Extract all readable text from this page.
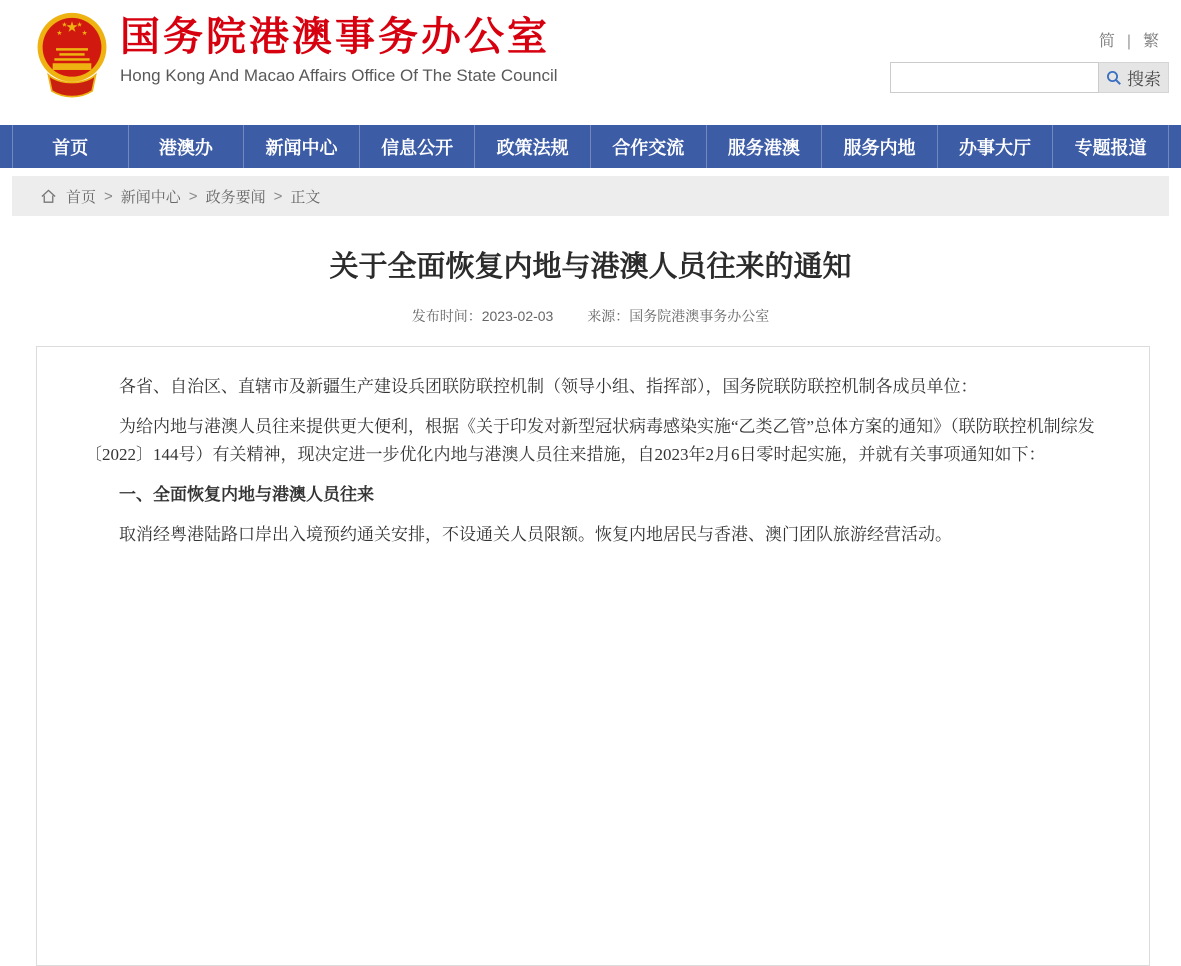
国务院港澳事务办公室
Hong Kong And Macao Affairs Office Of The State Council
简 | 繁
搜索
首页	港澳办	新闻中心	信息公开	政策法规	合作交流	服务港澳	服务内地	办事大厅	专题报道
首页 > 新闻中心 > 政务要闻 > 正文
关于全面恢复内地与港澳人员往来的通知
发布时间：2023-02-03 来源：国务院港澳事务办公室

各省、自治区、直辖市及新疆生产建设兵团联防联控机制（领导小组、指挥部），国务院联防联控机制各成员单位：

为给内地与港澳人员往来提供更大便利，根据《关于印发对新型冠状病毒感染实施“乙类乙管”总体方案的通知》（联防联控机制综发〔2022〕144号）有关精神，现决定进一步优化内地与港澳人员往来措施，自2023年2月6日零时起实施，并就有关事项通知如下：

一、全面恢复内地与港澳人员往来

取消经粤港陆路口岸出入境预约通关安排，不设通关人员限额。恢复内地居民与香港、澳门团队旅游经营活动。
